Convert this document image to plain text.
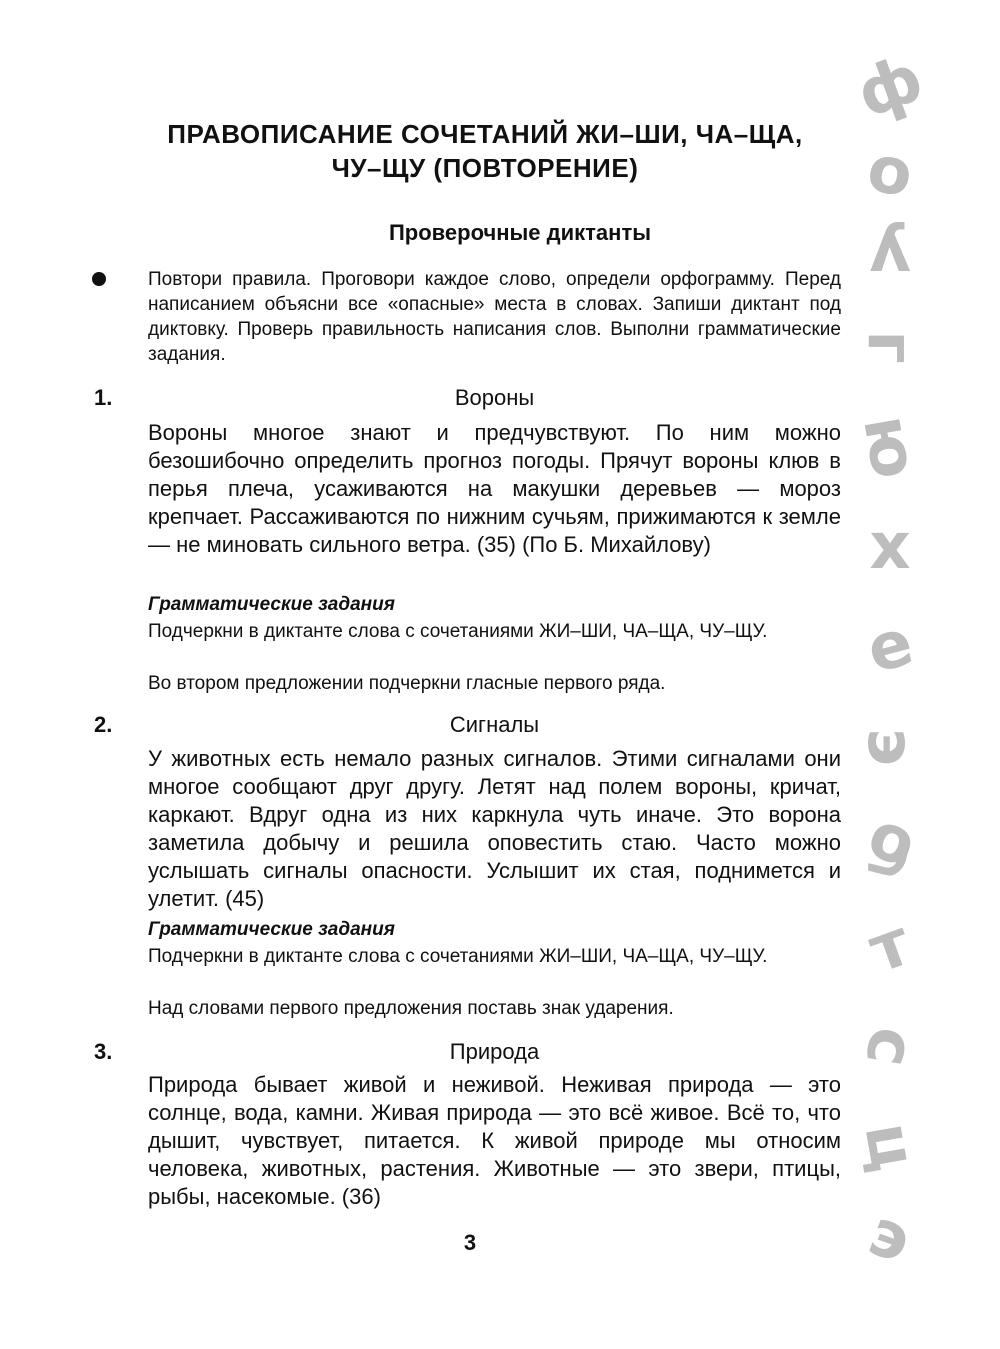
ПРАВОПИСАНИЕ СОЧЕТАНИЙ ЖИ–ШИ, ЧА–ЩА,
ЧУ–ЩУ (ПОВТОРЕНИЕ)
Проверочные диктанты
Повтори правила. Проговори каждое слово, определи орфограмму. Перед написанием объясни все «опасные» места в словах. Запиши диктант под диктовку. Проверь правильность написания слов. Выполни грамматические задания.
1.	Вороны
Вороны многое знают и предчувствуют. По ним можно безошибочно определить прогноз погоды. Прячут вороны клюв в перья плеча, усаживаются на макушки деревьев — мороз крепчает. Рассаживаются по нижним сучьям, прижимаются к земле — не миновать сильного ветра. (35) (По Б. Михайлову)
Грамматические задания
Подчеркни в диктанте слова с сочетаниями ЖИ–ШИ, ЧА–ЩА, ЧУ–ЩУ.
Во втором предложении подчеркни гласные первого ряда.
2.	Сигналы
У животных есть немало разных сигналов. Этими сигналами они многое сообщают друг другу. Летят над полем вороны, кричат, каркают. Вдруг одна из них каркнула чуть иначе. Это ворона заметила добычу и решила оповестить стаю. Часто можно услышать сигналы опасности. Услышит их стая, поднимется и улетит. (45)
Грамматические задания
Подчеркни в диктанте слова с сочетаниями ЖИ–ШИ, ЧА–ЩА, ЧУ–ЩУ.
Над словами первого предложения поставь знак ударения.
3.	Природа
Природа бывает живой и неживой. Неживая природа — это солнце, вода, камни. Живая природа — это всё живое. Всё то, что дышит, чувствует, питается. К живой природе мы относим человека, животных, растения. Животные — это звери, птицы, рыбы, насекомые. (36)
3
ф
о
у
г
ю
х
е
э
б
т
с
ц
э
